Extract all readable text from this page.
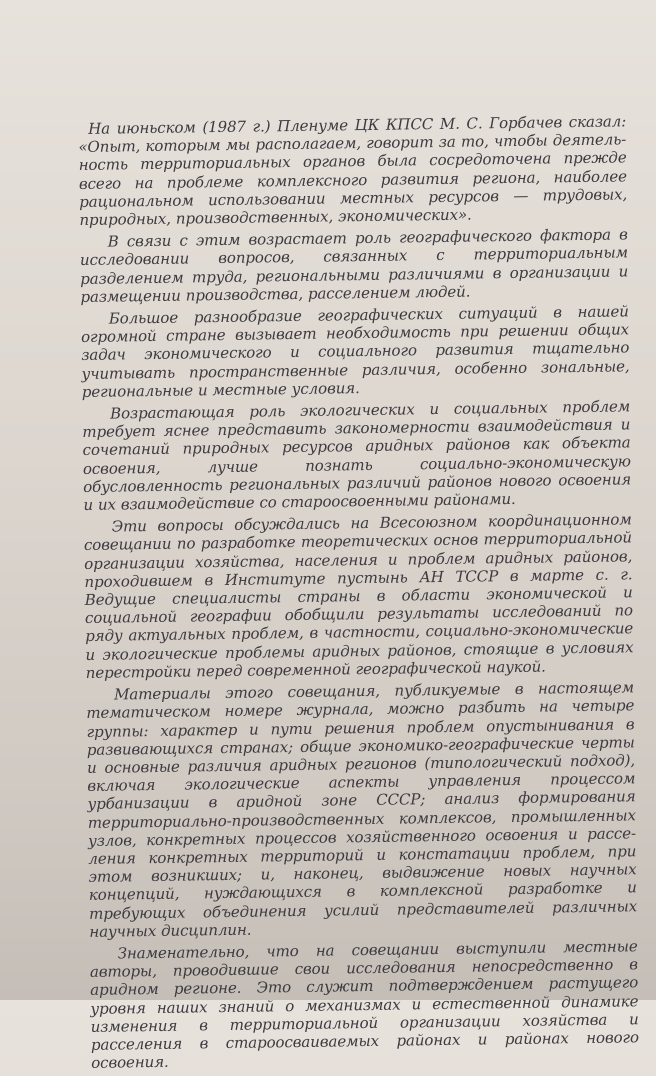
На июньском (1987 г.) Пленуме ЦК КПСС М. С. Горбачев сказал: «Опыт, которым мы располагаем, говорит за то, чтобы деятельность территориальных органов была сосредоточена прежде всего на проблеме комплексного развития региона, наиболее рациональном использовании местных ресурсов — трудовых, природных, производственных, экономических».

В связи с этим возрастает роль географического фактора в исследовании вопросов, связанных с территориальным разделением труда, региональными различиями в организации и размещении производства, расселением людей.

Большое разнообразие географических ситуаций в нашей огромной стране вызывает необходимость при решении общих задач экономического и социального развития тщательно учитывать пространственные различия, особенно зональные, региональные и местные условия.

Возрастающая роль экологических и социальных проблем требует яснее представить закономерности взаимодействия и сочетаний природных ресурсов аридных районов как объекта освоения, лучше познать социально-экономическую обусловленность региональных различий районов нового освоения и их взаимодействие со староосвоенными районами.

Эти вопросы обсуждались на Всесоюзном координационном совещании по разработке теоретических основ территориальной организации хозяйства, населения и проблем аридных районов, проходившем в Институте пустынь АН ТССР в марте с. г. Ведущие специалисты страны в области экономической и социальной географии обобщили результаты исследований по ряду актуальных проблем, в частности, социально-экономические и экологические проблемы аридных районов, стоящие в условиях перестройки перед современной географической наукой.

Материалы этого совещания, публикуемые в настоящем тематическом номере журнала, можно разбить на четыре группы: характер и пути решения проблем опустынивания в развивающихся странах; общие экономико-географические черты и основные различия аридных регионов (типологический подход), включая экологические аспекты управления процессом урбанизации в аридной зоне СССР; анализ формирования территориально-производственных комплексов, промышленных узлов, конкретных процессов хозяйственного освоения и расселения конкретных территорий и констатации проблем, при этом возникших; и, наконец, выдвижение новых научных концепций, нуждающихся в комплексной разработке и требующих объединения усилий представителей различных научных дисциплин.

Знаменательно, что на совещании выступили местные авторы, проводившие свои исследования непосредственно в аридном регионе. Это служит подтверждением растущего уровня наших знаний о механизмах и естественной динамике изменения в территориальной организации хозяйства и расселения в староосваиваемых районах и районах нового освоения.
